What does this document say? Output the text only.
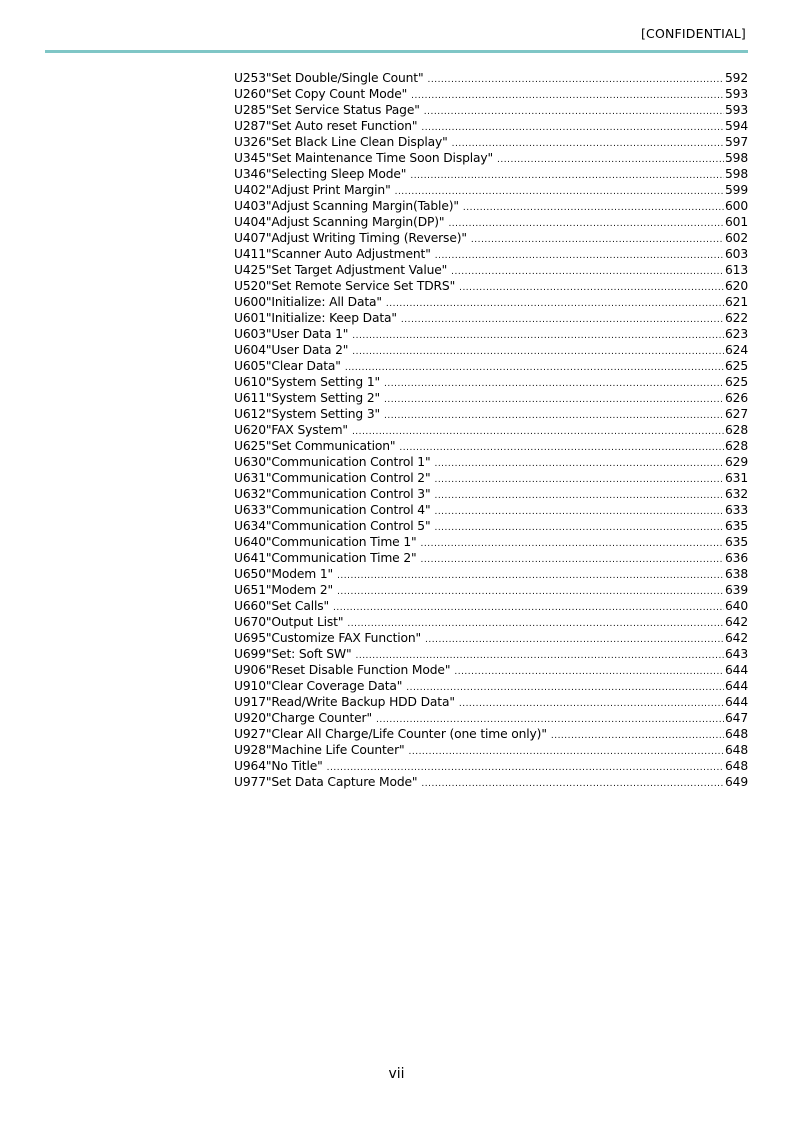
[CONFIDENTIAL]
U253"Set Double/Single Count" .....	592
U260"Set Copy Count Mode" .....	593
U285"Set Service Status Page" .....	593
U287"Set Auto reset Function" .....	594
U326"Set Black Line Clean Display" .....	597
U345"Set Maintenance Time Soon Display" .....	598
U346"Selecting Sleep Mode" .....	598
U402"Adjust Print Margin" .....	599
U403"Adjust Scanning Margin(Table)" .....	600
U404"Adjust Scanning Margin(DP)" .....	601
U407"Adjust Writing Timing (Reverse)" .....	602
U411"Scanner Auto Adjustment" .....	603
U425"Set Target Adjustment Value" .....	613
U520"Set Remote Service Set TDRS" .....	620
U600"Initialize: All Data" .....	621
U601"Initialize: Keep Data" .....	622
U603"User Data 1" .....	623
U604"User Data 2" .....	624
U605"Clear Data" .....	625
U610"System Setting 1" .....	625
U611"System Setting 2" .....	626
U612"System Setting 3" .....	627
U620"FAX System" .....	628
U625"Set Communication" .....	628
U630"Communication Control 1" .....	629
U631"Communication Control 2" .....	631
U632"Communication Control 3" .....	632
U633"Communication Control 4" .....	633
U634"Communication Control 5" .....	635
U640"Communication Time 1" .....	635
U641"Communication Time 2" .....	636
U650"Modem 1" .....	638
U651"Modem 2" .....	639
U660"Set Calls" .....	640
U670"Output List" .....	642
U695"Customize FAX Function" .....	642
U699"Set: Soft SW" .....	643
U906"Reset Disable Function Mode" .....	644
U910"Clear Coverage Data" .....	644
U917"Read/Write Backup HDD Data" .....	644
U920"Charge Counter" .....	647
U927"Clear All Charge/Life Counter (one time only)" .....	648
U928"Machine Life Counter" .....	648
U964"No Title" .....	648
U977"Set Data Capture Mode" .....	649
vii
